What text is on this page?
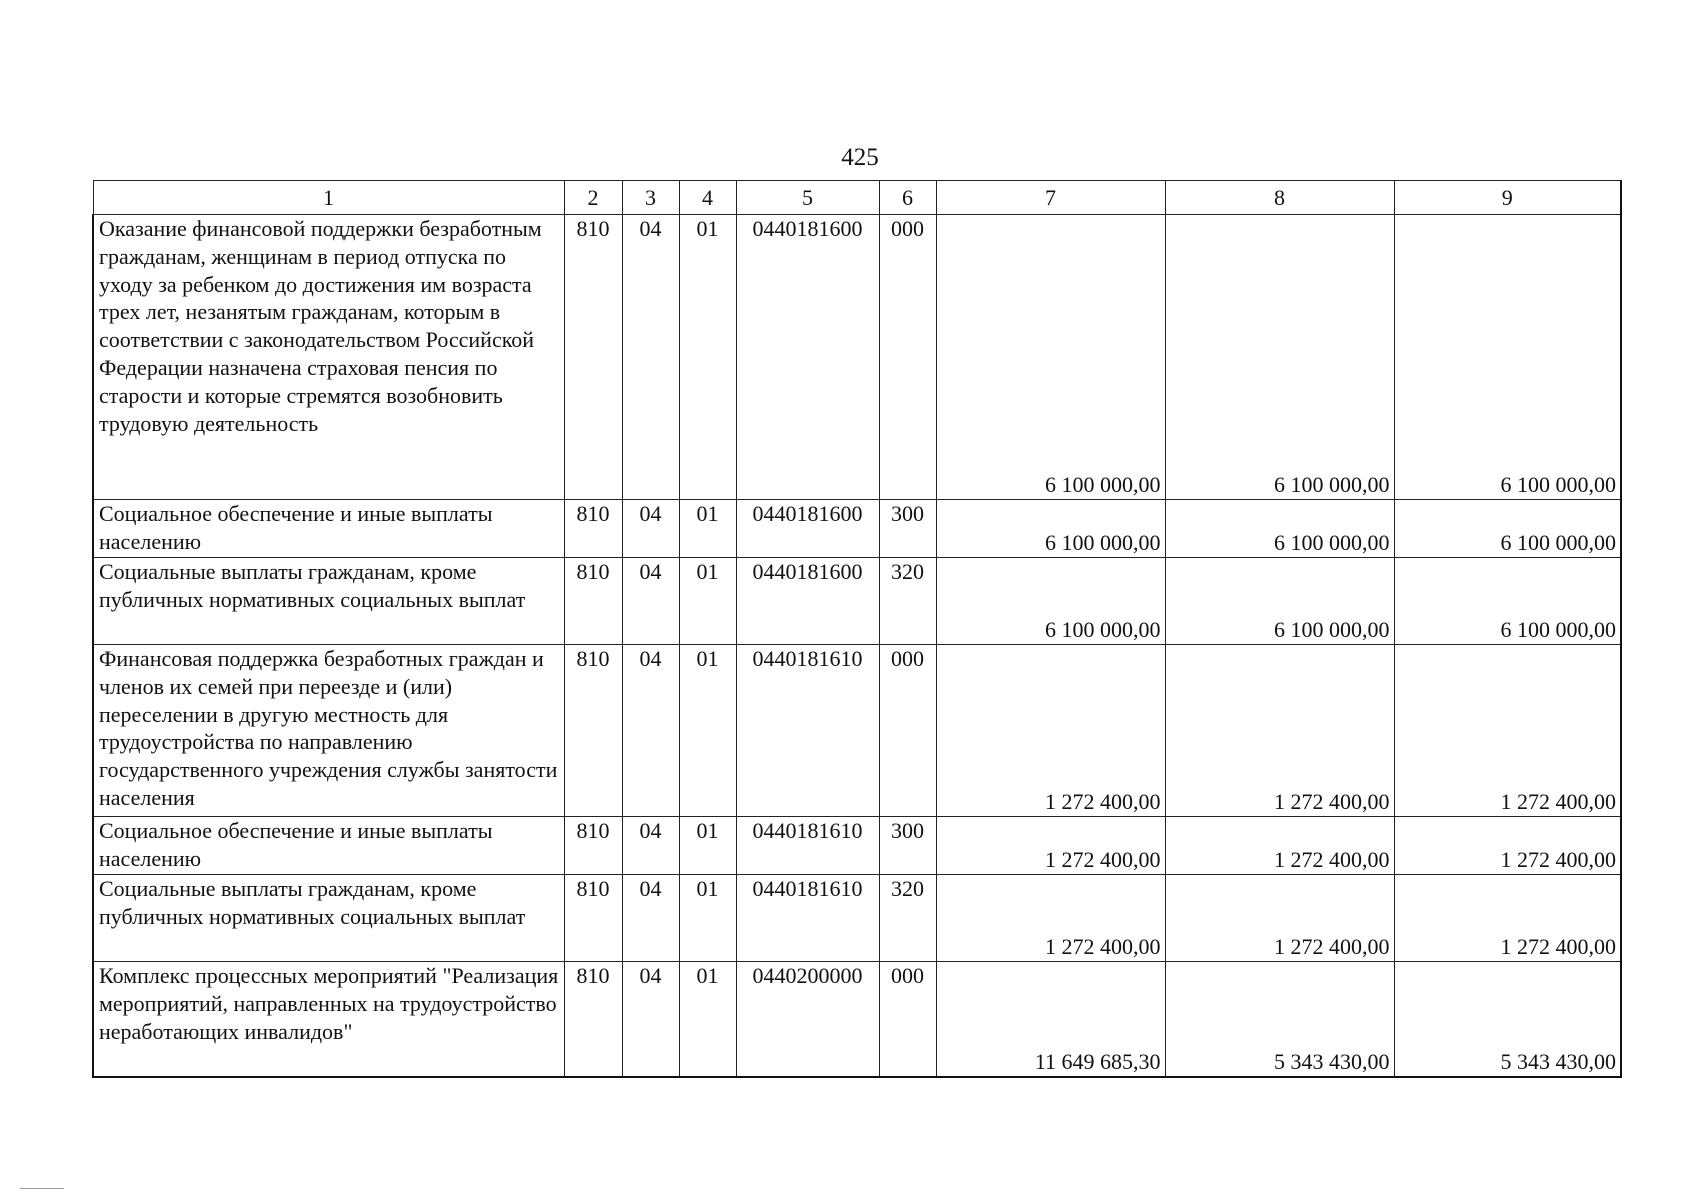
425
1	2	3	4	5	6	7	8	9
Оказание финансовой поддержки безработным гражданам, женщинам в период отпуска по уходу за ребенком до достижения им возраста трех лет, незанятым гражданам, которым в соответствии с законодательством Российской Федерации назначена страховая пенсия по старости и которые стремятся возобновить трудовую деятельность	810	04	01	0440181600	000	6 100 000,00	6 100 000,00	6 100 000,00
Социальное обеспечение и иные выплаты населению	810	04	01	0440181600	300	6 100 000,00	6 100 000,00	6 100 000,00
Социальные выплаты гражданам, кроме публичных нормативных социальных выплат	810	04	01	0440181600	320	6 100 000,00	6 100 000,00	6 100 000,00
Финансовая поддержка безработных граждан и членов их семей при переезде и (или) переселении в другую местность для трудоустройства по направлению государственного учреждения службы занятости населения	810	04	01	0440181610	000	1 272 400,00	1 272 400,00	1 272 400,00
Социальное обеспечение и иные выплаты населению	810	04	01	0440181610	300	1 272 400,00	1 272 400,00	1 272 400,00
Социальные выплаты гражданам, кроме публичных нормативных социальных выплат	810	04	01	0440181610	320	1 272 400,00	1 272 400,00	1 272 400,00
Комплекс процессных мероприятий "Реализация мероприятий, направленных на трудоустройство неработающих инвалидов"	810	04	01	0440200000	000	11 649 685,30	5 343 430,00	5 343 430,00
